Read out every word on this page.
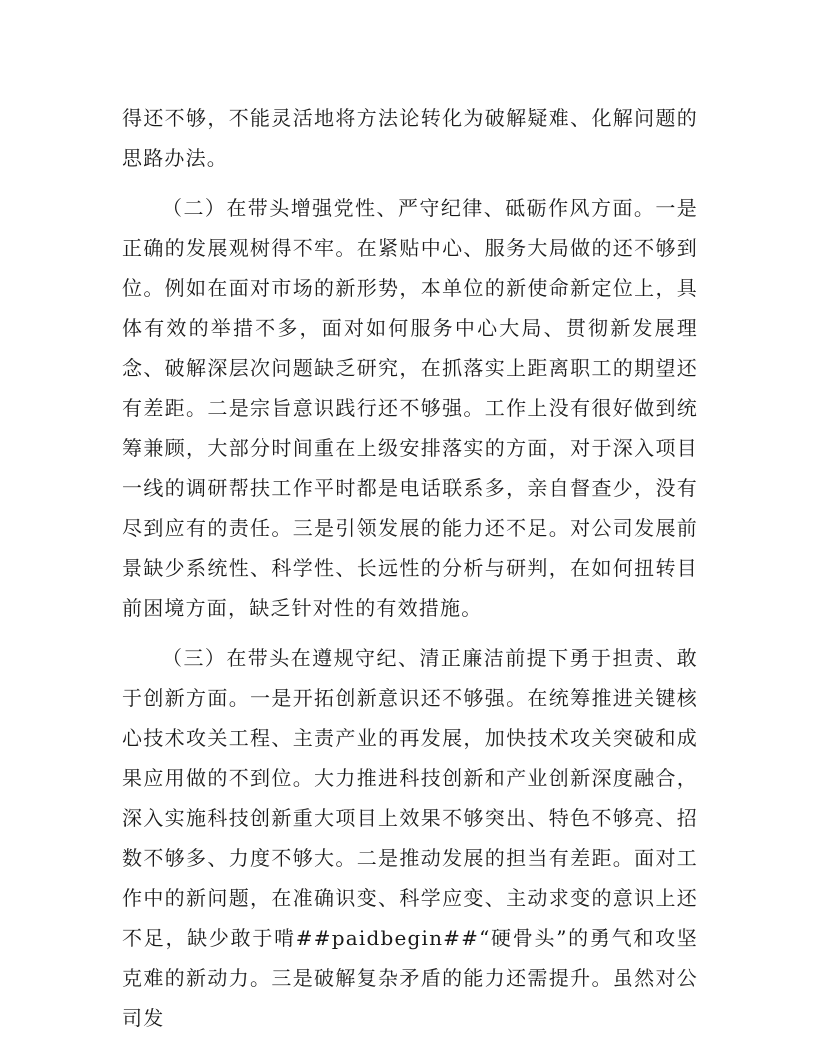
得还不够，不能灵活地将方法论转化为破解疑难、化解问题的思路办法。

（二）在带头增强党性、严守纪律、砥砺作风方面。一是正确的发展观树得不牢。在紧贴中心、服务大局做的还不够到位。例如在面对市场的新形势，本单位的新使命新定位上，具体有效的举措不多，面对如何服务中心大局、贯彻新发展理念、破解深层次问题缺乏研究，在抓落实上距离职工的期望还有差距。二是宗旨意识践行还不够强。工作上没有很好做到统筹兼顾，大部分时间重在上级安排落实的方面，对于深入项目一线的调研帮扶工作平时都是电话联系多，亲自督查少，没有尽到应有的责任。三是引领发展的能力还不足。对公司发展前景缺少系统性、科学性、长远性的分析与研判，在如何扭转目前困境方面，缺乏针对性的有效措施。

（三）在带头在遵规守纪、清正廉洁前提下勇于担责、敢于创新方面。一是开拓创新意识还不够强。在统筹推进关键核心技术攻关工程、主责产业的再发展，加快技术攻关突破和成果应用做的不到位。大力推进科技创新和产业创新深度融合，深入实施科技创新重大项目上效果不够突出、特色不够亮、招数不够多、力度不够大。二是推动发展的担当有差距。面对工作中的新问题，在准确识变、科学应变、主动求变的意识上还不足，缺少敢于啃##paidbegin##“硬骨头”的勇气和攻坚克难的新动力。三是破解复杂矛盾的能力还需提升。虽然对公司发
